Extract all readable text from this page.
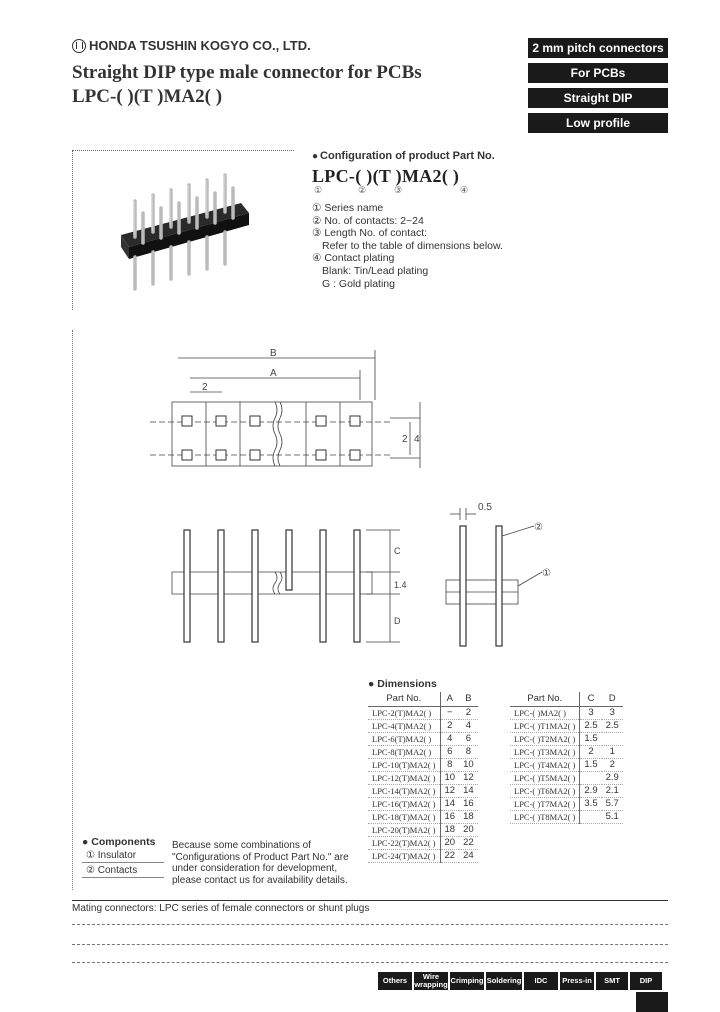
HONDA TSUSHIN KOGYO CO., LTD.
Straight DIP type male connector for PCBs
LPC-( )(T )MA2( )
2 mm pitch connectors
For PCBs
Straight DIP
Low profile
● Configuration of product Part No.
LPC-( )(T )MA2( )
①	②	③	④
① Series name
② No. of contacts: 2~24
③ Length No. of contact:
Refer to the table of dimensions below.
④ Contact plating
Blank: Tin/Lead plating
G : Gold plating
B
A
2
2 4
C
1.4
D
0.5
②
①
● Dimensions
Part No.	A	B
LPC-2(T)MA2( )	−	2
LPC-4(T)MA2( )	2	4
LPC-6(T)MA2( )	4	6
LPC-8(T)MA2( )	6	8
LPC-10(T)MA2( )	8	10
LPC-12(T)MA2( )	10	12
LPC-14(T)MA2( )	12	14
LPC-16(T)MA2( )	14	16
LPC-18(T)MA2( )	16	18
LPC-20(T)MA2( )	18	20
LPC-22(T)MA2( )	20	22
LPC-24(T)MA2( )	22	24
Part No.	C	D
LPC-( )MA2( )	3	3
LPC-( )T1MA2( )	2.5	2.5
LPC-( )T2MA2( )	1.5	
LPC-( )T3MA2( )	2	1
LPC-( )T4MA2( )	1.5	2
LPC-( )T5MA2( )		2.9
LPC-( )T6MA2( )	2.9	2.1
LPC-( )T7MA2( )	3.5	5.7
LPC-( )T8MA2( )		5.1
● Components
① Insulator
② Contacts
Because some combinations of "Configurations of Product Part No." are under consideration for development, please contact us for availability details.
Mating connectors: LPC series of female connectors or shunt plugs
Others	Wire wrapping Crimping Soldering	IDC	Press-in	SMT	DIP
